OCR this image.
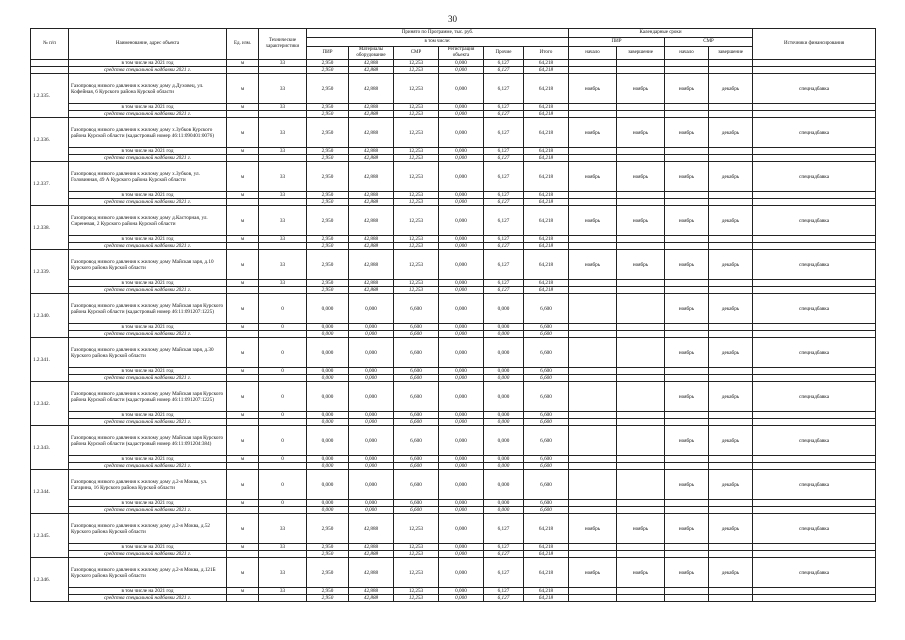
30
№ п/п	Наименование, адрес объекта	Ед. изм.	Технические характеристики	Принято по Программе, тыс. руб.						Календарные сроки				Источники финансирования
				в том числе:						ПИР		СМР		
				ПИР	Материалы оборудование	СМР	Регистрация объекта	Прочие	Итого	начало	завершение	начало	завершение	
	в том числе на 2021 год	м	33	2,950	42,888	12,253	0,000	6,127	64,218					
	средства специальной надбавки 2021 г.			2,950	42,888	12,253	0,000	6,127	64,218					
1.2.335.	Газопровод низкого давления к жилому дому д.Духовец, ул. Кофейная, 6 Курского района Курской области	м	33	2,950	42,888	12,253	0,000	6,127	64,218	ноябрь	ноябрь	ноябрь	декабрь	спецнадбавка
	в том числе на 2021 год	м	33	2,950	42,888	12,253	0,000	6,127	64,218					
	средства специальной надбавки 2021 г.			2,950	42,888	12,253	0,000	6,127	64,218					
1.2.336.	Газопровод низкого давления к жилому дому х.Зубков Курского района Курской области (кадастровый номер 46:11:090401:0076)	м	33	2,950	42,888	12,253	0,000	6,127	64,218	ноябрь	ноябрь	ноябрь	декабрь	спецнадбавка
	в том числе на 2021 год	м	33	2,950	42,888	12,253	0,000	6,127	64,218					
	средства специальной надбавки 2021 г.			2,950	42,888	12,253	0,000	6,127	64,218					
1.2.337.	Газопровод низкого давления к жилому дому х.Зубков, ул. Головинная, 49 А Курского района Курской области	м	33	2,950	42,888	12,253	0,000	6,127	64,218	ноябрь	ноябрь	ноябрь	декабрь	спецнадбавка
	в том числе на 2021 год	м	33	2,950	42,888	12,253	0,000	6,127	64,218					
	средства специальной надбавки 2021 г.			2,950	42,888	12,253	0,000	6,127	64,218					
1.2.338.	Газопровод низкого давления к жилому дому д.Касторная, ул. Сиреневая, 2 Курского района Курской области	м	33	2,950	42,888	12,253	0,000	6,127	64,218	ноябрь	ноябрь	ноябрь	декабрь	спецнадбавка
	в том числе на 2021 год	м	33	2,950	42,888	12,253	0,000	6,127	64,218					
	средства специальной надбавки 2021 г.			2,950	42,888	12,253	0,000	6,127	64,218					
1.2.339.	Газопровод низкого давления к жилому дому Майская заря, д.10 Курского района Курской области	м	33	2,950	42,888	12,253	0,000	6,127	64,218	ноябрь	ноябрь	ноябрь	декабрь	спецнадбавка
	в том числе на 2021 год	м	33	2,950	42,888	12,253	0,000	6,127	64,218					
	средства специальной надбавки 2021 г.			2,950	42,888	12,253	0,000	6,127	64,218					
1.2.340.	Газопровод низкого давления к жилому дому Майская заря Курского района Курской области (кадастровый номер 46:11:091207:1225)	м	0	0,000	0,000	6,600	0,000	0,000	6,600			ноябрь	декабрь	спецнадбавка
	в том числе на 2021 год	м	0	0,000	0,000	6,600	0,000	0,000	6,600					
	средства специальной надбавки 2021 г.			0,000	0,000	6,600	0,000	0,000	6,600					
1.2.341.	Газопровод низкого давления к жилому дому Майская заря, д.30 Курского района Курской области	м	0	0,000	0,000	6,600	0,000	0,000	6,600			ноябрь	декабрь	спецнадбавка
	в том числе на 2021 год	м	0	0,000	0,000	6,600	0,000	0,000	6,600					
	средства специальной надбавки 2021 г.			0,000	0,000	6,600	0,000	0,000	6,600					
1.2.342.	Газопровод низкого давления к жилому дому Майская заря Курского района Курской области (кадастровый номер 46:11:091207:1225)	м	0	0,000	0,000	6,600	0,000	0,000	6,600			ноябрь	декабрь	спецнадбавка
	в том числе на 2021 год	м	0	0,000	0,000	6,600	0,000	0,000	6,600					
	средства специальной надбавки 2021 г.			0,000	0,000	6,600	0,000	0,000	6,600					
1.2.343.	Газопровод низкого давления к жилому дому Майская заря Курского района Курской области (кадастровый номер 46:11:091204:384)	м	0	0,000	0,000	6,600	0,000	0,000	6,600			ноябрь	декабрь	спецнадбавка
	в том числе на 2021 год	м	0	0,000	0,000	6,600	0,000	0,000	6,600					
	средства специальной надбавки 2021 г.			0,000	0,000	6,600	0,000	0,000	6,600					
1.2.344.	Газопровод низкого давления к жилому дому д.2-я Моква, ул. Гагарина, 16 Курского района Курской области	м	0	0,000	0,000	6,600	0,000	0,000	6,600			ноябрь	декабрь	спецнадбавка
	в том числе на 2021 год	м	0	0,000	0,000	6,600	0,000	0,000	6,600					
	средства специальной надбавки 2021 г.			0,000	0,000	6,600	0,000	0,000	6,600					
1.2.345.	Газопровод низкого давления к жилому дому д.2-я Моква, д.52 Курского района Курской области	м	33	2,950	42,888	12,253	0,000	6,127	64,218	ноябрь	ноябрь	ноябрь	декабрь	спецнадбавка
	в том числе на 2021 год	м	33	2,950	42,888	12,253	0,000	6,127	64,218					
	средства специальной надбавки 2021 г.			2,950	42,888	12,253	0,000	6,127	64,218					
1.2.346.	Газопровод низкого давления к жилому дому д.2-я Моква, д.121Б Курского района Курской области	м	33	2,950	42,888	12,253	0,000	6,127	64,218	ноябрь	ноябрь	ноябрь	декабрь	спецнадбавка
	в том числе на 2021 год	м	33	2,950	42,888	12,253	0,000	6,127	64,218					
	средства специальной надбавки 2021 г.			2,950	42,888	12,253	0,000	6,127	64,218					
